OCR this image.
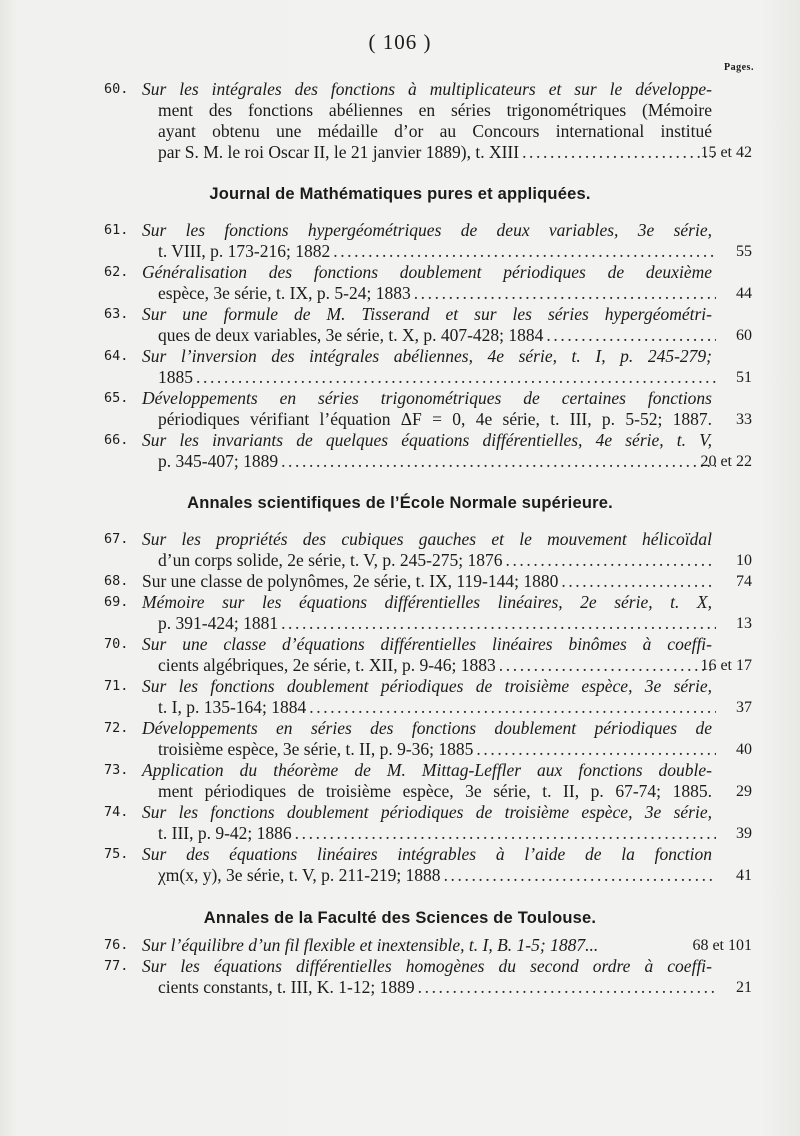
( 106 )
Pages.
60. Sur les intégrales des fonctions à multiplicateurs et sur le développe-
ment des fonctions abéliennes en séries trigonométriques (Mémoire
ayant obtenu une médaille d’or au Concours international institué
par S. M. le roi Oscar II, le 21 janvier 1889), t. XIII .....	15 et 42
Journal de Mathématiques pures et appliquées.
61. Sur les fonctions hypergéométriques de deux variables, 3e série,
t. VIII, p. 173-216; 1882 .....	55
62. Généralisation des fonctions doublement périodiques de deuxième
espèce, 3e série, t. IX, p. 5-24; 1883 .....	44
63. Sur une formule de M. Tisserand et sur les séries hypergéométri-
ques de deux variables, 3e série, t. X, p. 407-428; 1884 .....	60
64. Sur l’inversion des intégrales abéliennes, 4e série, t. I, p. 245-279;
1885 .....	51
65. Développements en séries trigonométriques de certaines fonctions
périodiques vérifiant l’équation ΔF = 0, 4e série, t. III, p. 5-52; 1887.	33
66. Sur les invariants de quelques équations différentielles, 4e série, t. V,
p. 345-407; 1889 .....	20 et 22
Annales scientifiques de l’École Normale supérieure.
67. Sur les propriétés des cubiques gauches et le mouvement hélicoïdal
d’un corps solide, 2e série, t. V, p. 245-275; 1876 .....	10
68. Sur une classe de polynômes, 2e série, t. IX, 119-144; 1880 .....	74
69. Mémoire sur les équations différentielles linéaires, 2e série, t. X,
p. 391-424; 1881 .....	13
70. Sur une classe d’équations différentielles linéaires binômes à coeffi-
cients algébriques, 2e série, t. XII, p. 9-46; 1883 .....	16 et 17
71. Sur les fonctions doublement périodiques de troisième espèce, 3e série,
t. I, p. 135-164; 1884 .....	37
72. Développements en séries des fonctions doublement périodiques de
troisième espèce, 3e série, t. II, p. 9-36; 1885 .....	40
73. Application du théorème de M. Mittag-Leffler aux fonctions double-
ment périodiques de troisième espèce, 3e série, t. II, p. 67-74; 1885.	29
74. Sur les fonctions doublement périodiques de troisième espèce, 3e série,
t. III, p. 9-42; 1886 .....	39
75. Sur des équations linéaires intégrables à l’aide de la fonction
χm(x, y), 3e série, t. V, p. 211-219; 1888 .....	41
Annales de la Faculté des Sciences de Toulouse.
76. Sur l’équilibre d’un fil flexible et inextensible, t. I, B. 1-5; 1887...	68 et 101
77. Sur les équations différentielles homogènes du second ordre à coeffi-
cients constants, t. III, K. 1-12; 1889 .....	21
